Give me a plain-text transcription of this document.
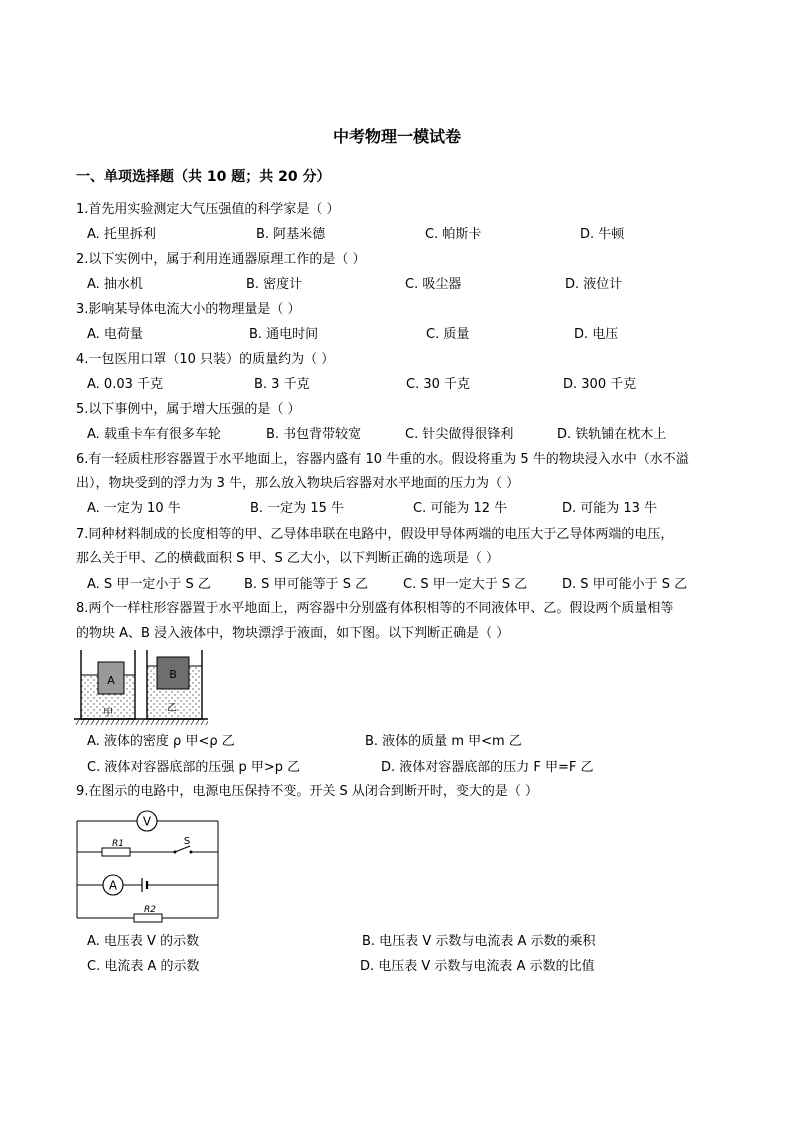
中考物理一模试卷
一、单项选择题（共 10 题；共 20 分）
1.首先用实验测定大气压强值的科学家是（ ）
A. 托里拆利	B. 阿基米德	C. 帕斯卡	D. 牛顿
2.以下实例中，属于利用连通器原理工作的是（ ）
A. 抽水机	B. 密度计	C. 吸尘器	D. 液位计
3.影响某导体电流大小的物理量是（ ）
A. 电荷量	B. 通电时间	C. 质量	D. 电压
4.一包医用口罩（10 只装）的质量约为（ ）
A. 0.03 千克	B. 3 千克	C. 30 千克	D. 300 千克
5.以下事例中，属于增大压强的是（ ）
A. 载重卡车有很多车轮	B. 书包背带较宽	C. 针尖做得很锋利	D. 铁轨铺在枕木上
6.有一轻质柱形容器置于水平地面上，容器内盛有 10 牛重的水。假设将重为 5 牛的物块浸入水中（水不溢
出），物块受到的浮力为 3 牛，那么放入物块后容器对水平地面的压力为（ ）
A. 一定为 10 牛	B. 一定为 15 牛	C. 可能为 12 牛	D. 可能为 13 牛
7.同种材料制成的长度相等的甲、乙导体串联在电路中，假设甲导体两端的电压大于乙导体两端的电压，
那么关于甲、乙的横截面积 S 甲、S 乙大小，以下判断正确的选项是（ ）
A. S 甲一定小于 S 乙	B. S 甲可能等于 S 乙	C. S 甲一定大于 S 乙	D. S 甲可能小于 S 乙
8.两个一样柱形容器置于水平地面上，两容器中分别盛有体积相等的不同液体甲、乙。假设两个质量相等
的物块 A、B 浸入液体中，物块漂浮于液面，如下图。以下判断正确是（ ）
A
甲
B
乙
A. 液体的密度 ρ 甲<ρ 乙	B. 液体的质量 m 甲<m 乙
C. 液体对容器底部的压强 p 甲>p 乙	D. 液体对容器底部的压力 F 甲=F 乙
9.在图示的电路中，电源电压保持不变。开关 S 从闭合到断开时，变大的是（ ）
V
R1	S
A
R2
A. 电压表 V 的示数	B. 电压表 V 示数与电流表 A 示数的乘积
C. 电流表 A 的示数	D. 电压表 V 示数与电流表 A 示数的比值
